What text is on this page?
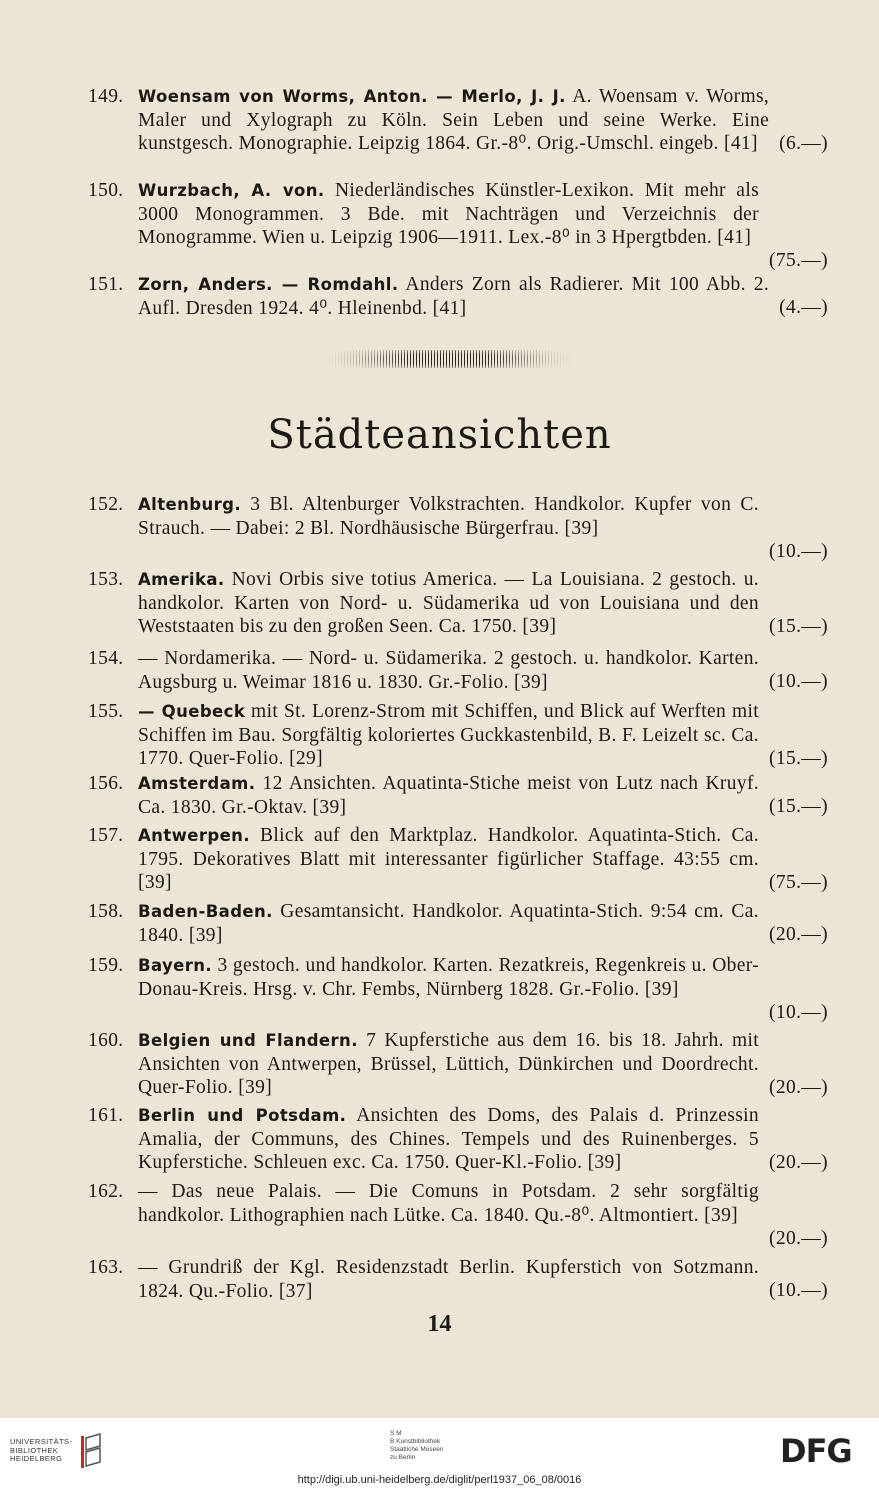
149.
(6.—)
Woensam von Worms, Anton. — Merlo, J. J. A. Woensam v. Worms, Maler und Xylograph zu Köln. Sein Leben und seine Werke. Eine kunstgesch. Monographie. Leipzig 1864. Gr.-8⁰. Orig.-Umschl. eingeb. [41]
150.
(75.—)
Wurzbach, A. von. Niederländisches Künstler-Lexikon. Mit mehr als 3000 Monogrammen. 3 Bde. mit Nachträgen und Verzeichnis der Monogramme. Wien u. Leipzig 1906—1911. Lex.-8⁰ in 3 Hpergtbden. [41]
151.
(4.—)
Zorn, Anders. — Romdahl. Anders Zorn als Radierer. Mit 100 Abb. 2. Aufl. Dresden 1924. 4⁰. Hleinenbd. [41]
Städteansichten
152.
(10.—)
Altenburg. 3 Bl. Altenburger Volkstrachten. Handkolor. Kupfer von C. Strauch. — Dabei: 2 Bl. Nordhäusische Bürgerfrau. [39]
153.
(15.—)
Amerika. Novi Orbis sive totius America. — La Louisiana. 2 gestoch. u. handkolor. Karten von Nord- u. Südamerika ud von Louisiana und den Weststaaten bis zu den großen Seen. Ca. 1750. [39]
154.
(10.—)
— Nordamerika. — Nord- u. Südamerika. 2 gestoch. u. handkolor. Karten. Augsburg u. Weimar 1816 u. 1830. Gr.-Folio. [39]
155.
(15.—)
— Quebeck mit St. Lorenz-Strom mit Schiffen, und Blick auf Werften mit Schiffen im Bau. Sorgfältig koloriertes Guckkastenbild, B. F. Leizelt sc. Ca. 1770. Quer-Folio. [29]
156.
(15.—)
Amsterdam. 12 Ansichten. Aquatinta-Stiche meist von Lutz nach Kruyf. Ca. 1830. Gr.-Oktav. [39]
157.
(75.—)
Antwerpen. Blick auf den Marktplaz. Handkolor. Aquatinta-Stich. Ca. 1795. Dekoratives Blatt mit interessanter figürlicher Staffage. 43:55 cm. [39]
158.
(20.—)
Baden-Baden. Gesamtansicht. Handkolor. Aquatinta-Stich. 9:54 cm. Ca. 1840. [39]
159.
(10.—)
Bayern. 3 gestoch. und handkolor. Karten. Rezatkreis, Regenkreis u. Ober-Donau-Kreis. Hrsg. v. Chr. Fembs, Nürnberg 1828. Gr.-Folio. [39]
160.
(20.—)
Belgien und Flandern. 7 Kupferstiche aus dem 16. bis 18. Jahrh. mit Ansichten von Antwerpen, Brüssel, Lüttich, Dünkirchen und Doordrecht. Quer-Folio. [39]
161.
(20.—)
Berlin und Potsdam. Ansichten des Doms, des Palais d. Prinzessin Amalia, der Communs, des Chines. Tempels und des Ruinenberges. 5 Kupferstiche. Schleuen exc. Ca. 1750. Quer-Kl.-Folio. [39]
162.
(20.—)
— Das neue Palais. — Die Comuns in Potsdam. 2 sehr sorgfältig handkolor. Lithographien nach Lütke. Ca. 1840. Qu.-8⁰. Altmontiert. [39]
163.
(10.—)
— Grundriß der Kgl. Residenzstadt Berlin. Kupferstich von Sotzmann. 1824. Qu.-Folio. [37]
14
UNIVERSITÄTS-
BIBLIOTHEK
HEIDELBERG
S M
B Kunstbibliothek
Staatliche Museen
zu Berlin	DFG
http://digi.ub.uni-heidelberg.de/diglit/perl1937_06_08/0016
